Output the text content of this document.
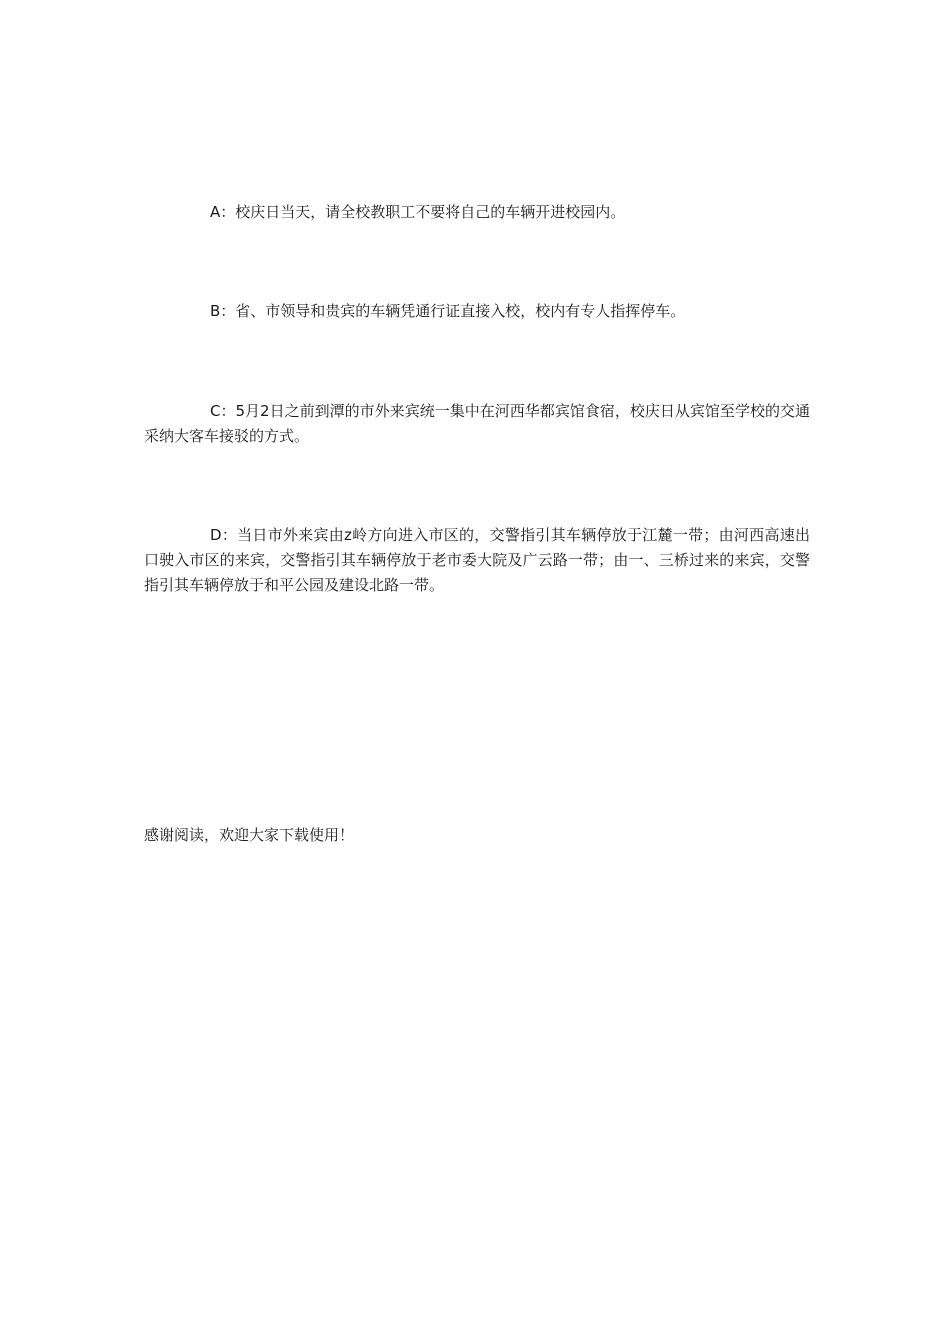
A：校庆日当天，请全校教职工不要将自己的车辆开进校园内。

B：省、市领导和贵宾的车辆凭通行证直接入校，校内有专人指挥停车。

C：5月2日之前到潭的市外来宾统一集中在河西华都宾馆食宿，校庆日从宾馆至学校的交通采纳大客车接驳的方式。

D：当日市外来宾由z岭方向进入市区的，交警指引其车辆停放于江麓一带；由河西高速出口驶入市区的来宾，交警指引其车辆停放于老市委大院及广云路一带；由一、三桥过来的来宾，交警指引其车辆停放于和平公园及建设北路一带。

感谢阅读，欢迎大家下载使用！
